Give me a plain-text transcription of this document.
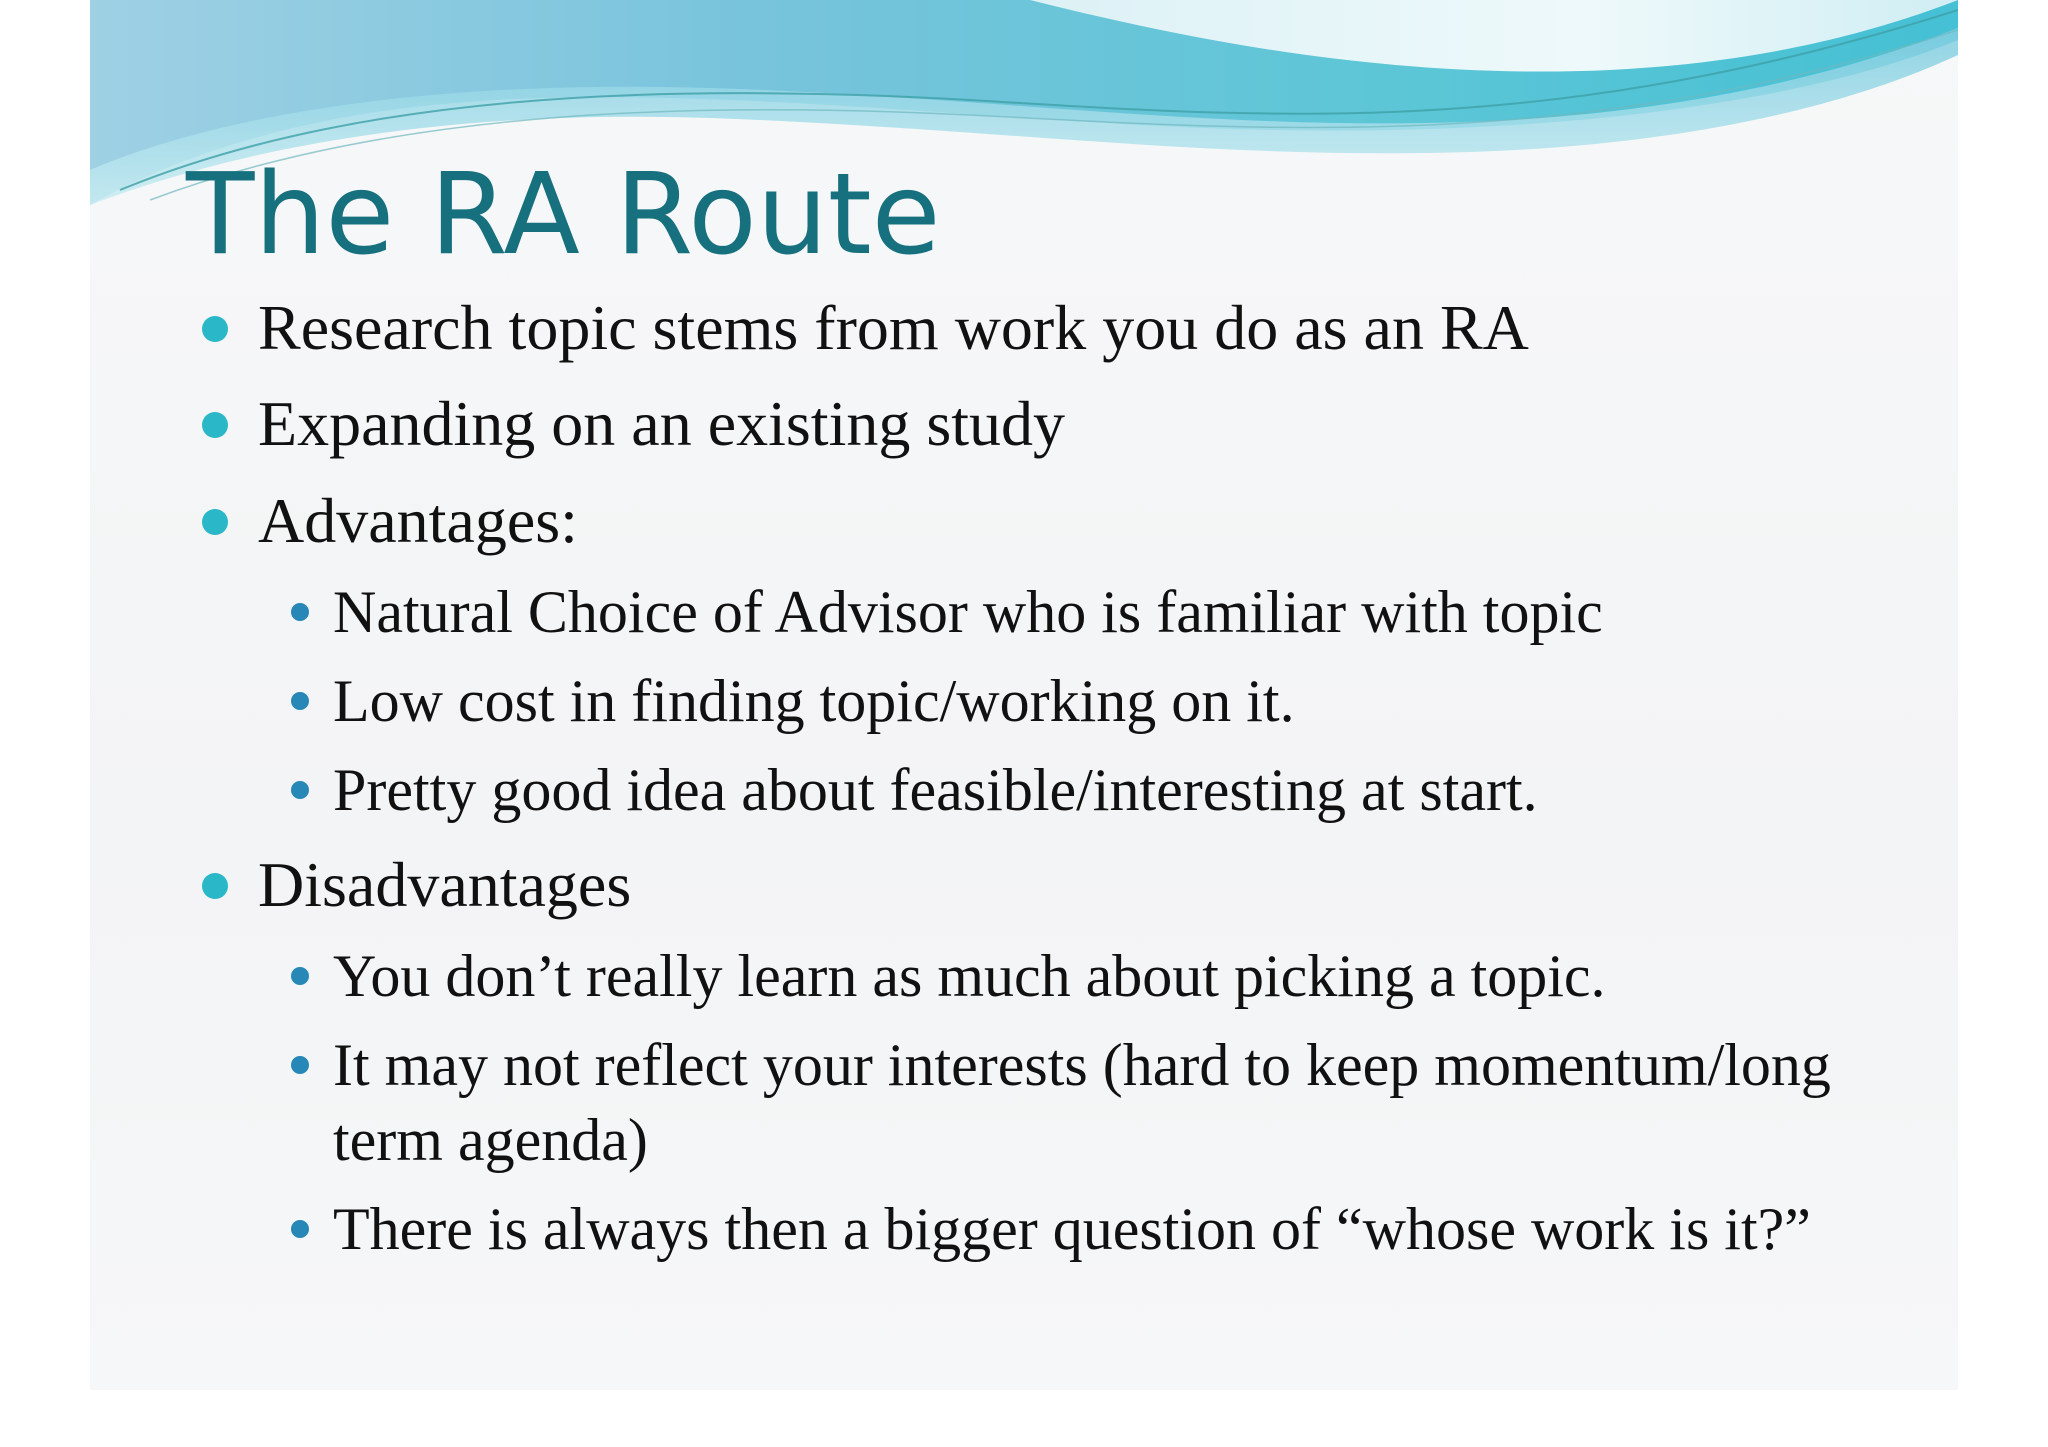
The RA Route
Research topic stems from work you do as an RA
Expanding on an existing study
Advantages:
Natural Choice of Advisor who is familiar with topic
Low cost in finding topic/working on it.
Pretty good idea about feasible/interesting at start.
Disadvantages
You don’t really learn as much about picking a topic.
It may not reflect your interests (hard to keep momentum/long term agenda)
There is always then a bigger question of “whose work is it?”
